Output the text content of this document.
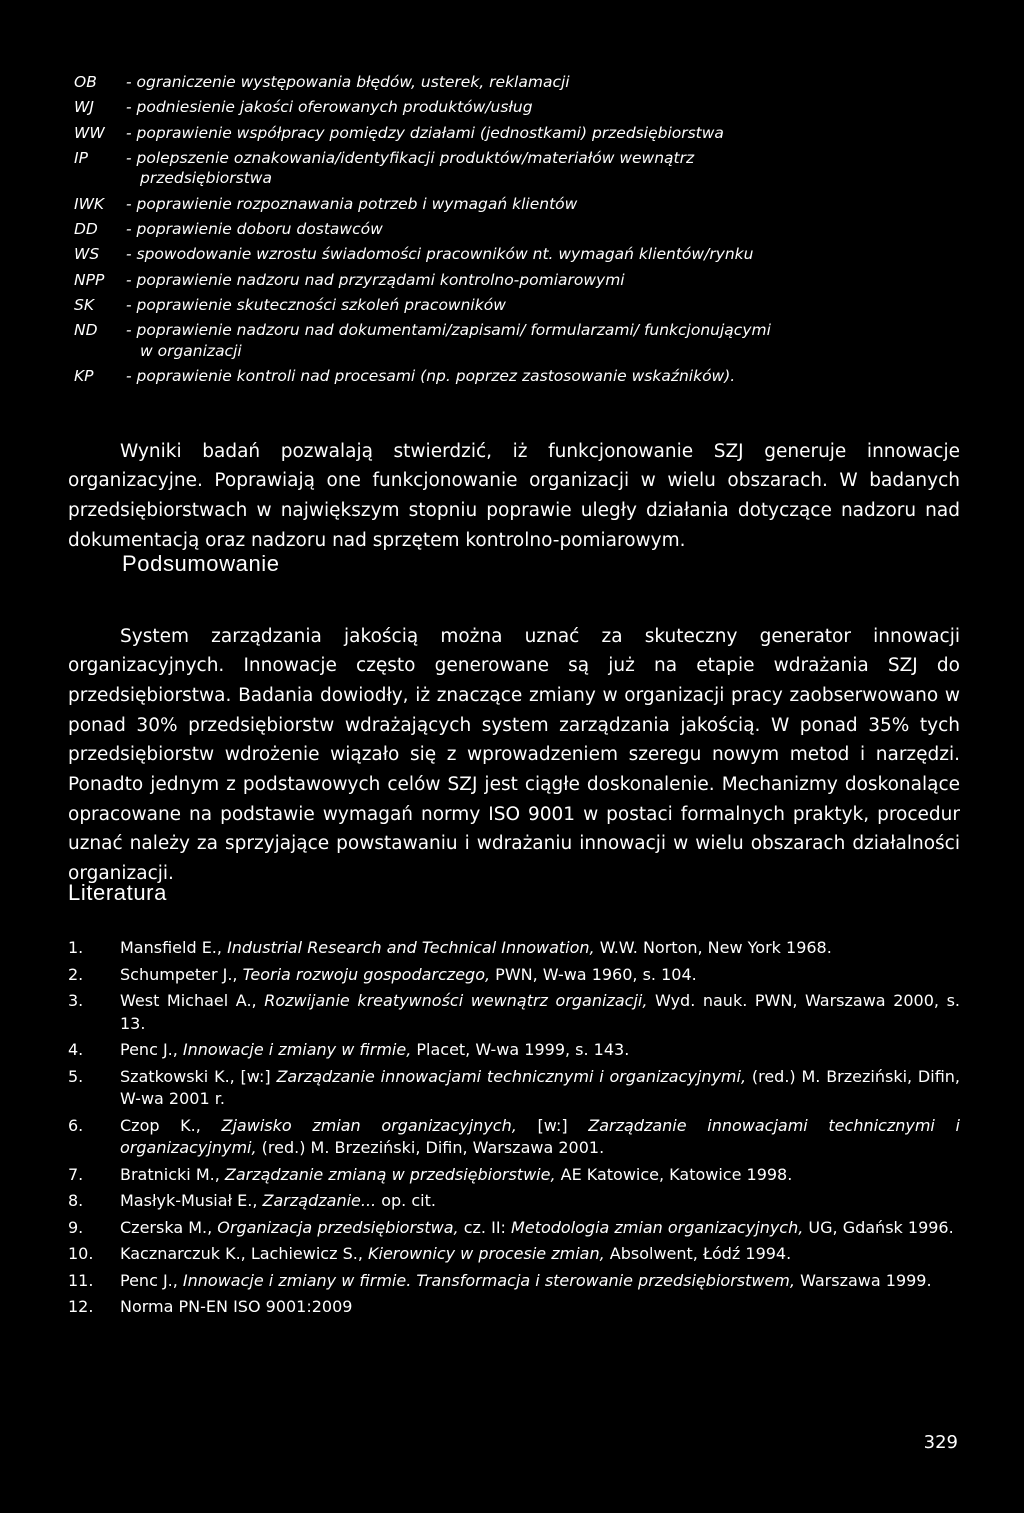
OB	- ograniczenie występowania błędów, usterek, reklamacji
WJ	- podniesienie jakości oferowanych produktów/usług
WW	- poprawienie współpracy pomiędzy działami (jednostkami) przedsiębiorstwa
IP	- polepszenie oznakowania/identyfikacji produktów/materiałów wewnątrz
przedsiębiorstwa
IWK	- poprawienie rozpoznawania potrzeb i wymagań klientów
DD	- poprawienie doboru dostawców
WS	- spowodowanie wzrostu świadomości pracowników nt. wymagań klientów/rynku
NPP	- poprawienie nadzoru nad przyrządami kontrolno-pomiarowymi
SK	- poprawienie skuteczności szkoleń pracowników
ND	- poprawienie nadzoru nad dokumentami/zapisami/ formularzami/ funkcjonującymi
w organizacji
KP	- poprawienie kontroli nad procesami (np. poprzez zastosowanie wskaźników).

Wyniki badań pozwalają stwierdzić, iż funkcjonowanie SZJ generuje innowacje organizacyjne. Poprawiają one funkcjonowanie organizacji w wielu obszarach. W badanych przedsiębiorstwach w największym stopniu poprawie uległy działania dotyczące nadzoru nad dokumentacją oraz nadzoru nad sprzętem kontrolno-pomiarowym.

Podsumowanie

System zarządzania jakością można uznać za skuteczny generator innowacji organizacyjnych. Innowacje często generowane są już na etapie wdrażania SZJ do przedsiębiorstwa. Badania dowiodły, iż znaczące zmiany w organizacji pracy zaobserwowano w ponad 30% przedsiębiorstw wdrażających system zarządzania jakością. W ponad 35% tych przedsiębiorstw wdrożenie wiązało się z wprowadzeniem szeregu nowym metod i narzędzi. Ponadto jednym z podstawowych celów SZJ jest ciągłe doskonalenie. Mechanizmy doskonalące opracowane na podstawie wymagań normy ISO 9001 w postaci formalnych praktyk, procedur uznać należy za sprzyjające powstawaniu i wdrażaniu innowacji w wielu obszarach działalności organizacji.

Literatura
1.	Mansfield E., Industrial Research and Technical Innowation, W.W. Norton, New York 1968.
2.	Schumpeter J., Teoria rozwoju gospodarczego, PWN, W-wa 1960, s. 104.
3.	West Michael A., Rozwijanie kreatywności wewnątrz organizacji, Wyd. nauk. PWN, Warszawa 2000, s. 13.
4.	Penc J., Innowacje i zmiany w firmie, Placet, W-wa 1999, s. 143.
5.	Szatkowski K., [w:] Zarządzanie innowacjami technicznymi i organizacyjnymi, (red.) M. Brzeziński, Difin, W-wa 2001 r.
6.	Czop K., Zjawisko zmian organizacyjnych, [w:] Zarządzanie innowacjami technicznymi i organizacyjnymi, (red.) M. Brzeziński, Difin, Warszawa 2001.
7.	Bratnicki M., Zarządzanie zmianą w przedsiębiorstwie, AE Katowice, Katowice 1998.
8.	Masłyk-Musiał E., Zarządzanie... op. cit.
9.	Czerska M., Organizacja przedsiębiorstwa, cz. II: Metodologia zmian organizacyjnych, UG, Gdańsk 1996.
10.	Kacznarczuk K., Lachiewicz S., Kierownicy w procesie zmian, Absolwent, Łódź 1994.
11.	Penc J., Innowacje i zmiany w firmie. Transformacja i sterowanie przedsiębiorstwem, Warszawa 1999.
12.	Norma PN-EN ISO 9001:2009
329
